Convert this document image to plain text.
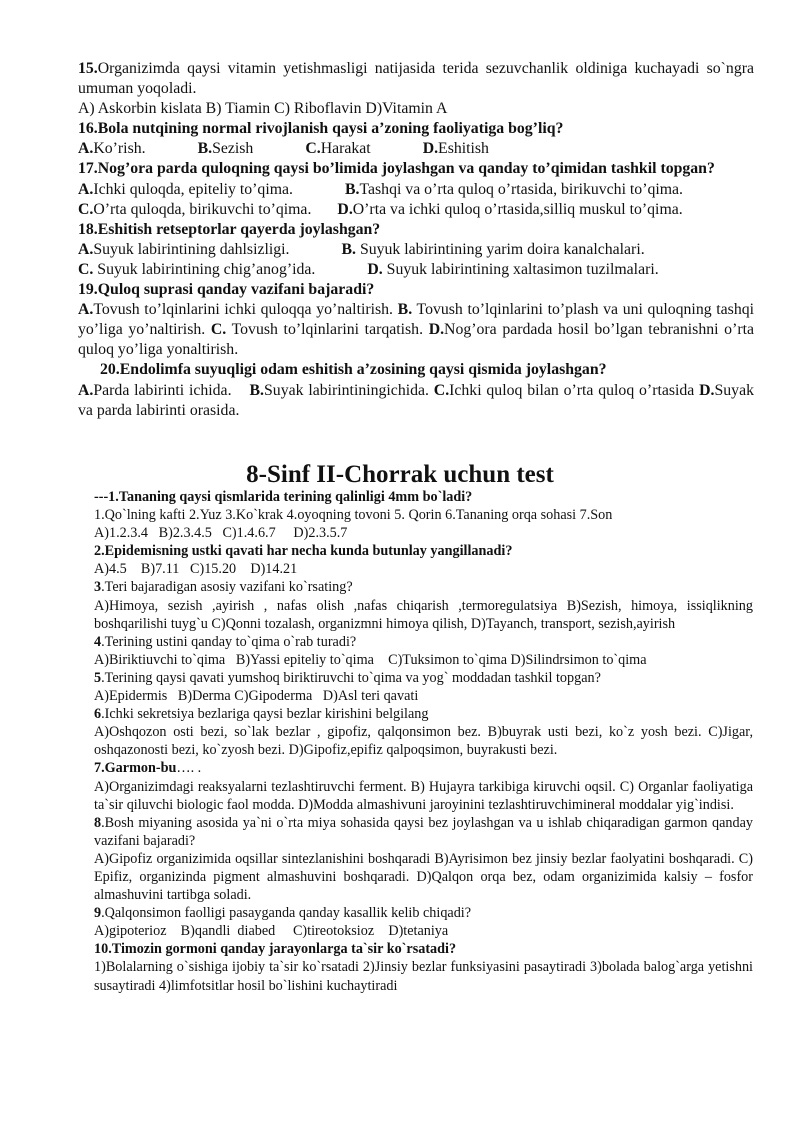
15.Organizimda qaysi vitamin yetishmasligi natijasida terida sezuvchanlik oldiniga kuchayadi so`ngra umuman yoqoladi.

A) Askorbin kislata B) Tiamin C) Riboflavin D)Vitamin A

16.Bola nutqining normal rivojlanish qaysi a’zoning faoliyatiga bog’liq?

A.Ko’rish.	B.Sezish	C.Harakat	D.Eshitish

17.Nog’ora parda quloqning qaysi bo’limida joylashgan va qanday to’qimidan tashkil topgan?

A.Ichki quloqda, epiteliy to’qima.	B.Tashqi va o’rta quloq o’rtasida, birikuvchi to’qima.

C.O’rta quloqda, birikuvchi to’qima. D.O’rta va ichki quloq o’rtasida,silliq muskul to’qima.

18.Eshitish retseptorlar qayerda joylashgan?

A.Suyuk labirintining dahlsizligi.	B. Suyuk labirintining yarim doira kanalchalari.

C. Suyuk labirintining chig’anog’ida.	D. Suyuk labirintining xaltasimon tuzilmalari.

19.Quloq suprasi qanday vazifani bajaradi?

A.Tovush to’lqinlarini ichki quloqqa yo’naltirish. B. Tovush to’lqinlarini to’plash va uni quloqning tashqi yo’liga yo’naltirish. C. Tovush to’lqinlarini tarqatish. D.Nog’ora pardada hosil bo’lgan tebranishni o’rta quloq yo’liga yonaltirish.

20.Endolimfa suyuqligi odam eshitish a’zosining qaysi qismida joylashgan?

A.Parda labirinti ichida. B.Suyak labirintiningichida. C.Ichki quloq bilan o’rta quloq o’rtasida D.Suyak va parda labirinti orasida.

8-Sinf II-Chorrak uchun test

---1.Tananing qaysi qismlarida terining qalinligi 4mm bo`ladi?

1.Qo`lning kafti 2.Yuz 3.Ko`krak 4.oyoqning tovoni 5. Qorin 6.Tananing orqa sohasi 7.Son

A)1.2.3.4   B)2.3.4.5   C)1.4.6.7     D)2.3.5.7

2.Epidemisning ustki qavati har necha kunda butunlay yangillanadi?

A)4.5    B)7.11   C)15.20    D)14.21

3.Teri bajaradigan asosiy vazifani ko`rsating?

A)Himoya, sezish ,ayirish , nafas olish ,nafas chiqarish ,termoregulatsiya B)Sezish, himoya, issiqlikning boshqarilishi tuyg`u C)Qonni tozalash, organizmni himoya qilish, D)Tayanch, transport, sezish,ayirish

4.Terining ustini qanday to`qima o`rab turadi?

A)Biriktiuvchi to`qima   B)Yassi epiteliy to`qima    C)Tuksimon to`qima D)Silindrsimon to`qima

5.Terining qaysi qavati yumshoq biriktiruvchi to`qima va yog` moddadan tashkil topgan?

A)Epidermis   B)Derma C)Gipoderma   D)Asl teri qavati

6.Ichki sekretsiya bezlariga qaysi bezlar kirishini belgilang

A)Oshqozon osti bezi, so`lak bezlar , gipofiz, qalqonsimon bez. B)buyrak usti bezi, ko`z yosh bezi. C)Jigar, oshqazonosti bezi, ko`zyosh bezi. D)Gipofiz,epifiz qalpoqsimon, buyrakusti bezi.

7.Garmon-bu…. .

A)Organizimdagi reaksyalarni tezlashtiruvchi ferment. B) Hujayra tarkibiga kiruvchi oqsil. C) Organlar faoliyatiga ta`sir qiluvchi biologic faol modda. D)Modda almashivuni jaroyinini tezlashtiruvchimineral moddalar yig`indisi.

8.Bosh miyaning asosida ya`ni o`rta miya sohasida qaysi bez joylashgan va u ishlab chiqaradigan garmon qanday vazifani bajaradi?

A)Gipofiz organizimida oqsillar sintezlanishini boshqaradi B)Ayrisimon bez jinsiy bezlar faolyatini boshqaradi. C) Epifiz, organizinda pigment almashuvini boshqaradi. D)Qalqon orqa bez, odam organizimida kalsiy – fosfor almashuvini tartibga soladi.

9.Qalqonsimon faolligi pasayganda qanday kasallik kelib chiqadi?

A)gipoterioz    B)qandli  diabed     C)tireotoksioz    D)tetaniya

10.Timozin gormoni qanday jarayonlarga ta`sir ko`rsatadi?

1)Bolalarning o`sishiga ijobiy ta`sir ko`rsatadi 2)Jinsiy bezlar funksiyasini pasaytiradi 3)bolada balog`arga yetishni susaytiradi 4)limfotsitlar hosil bo`lishini kuchaytiradi
